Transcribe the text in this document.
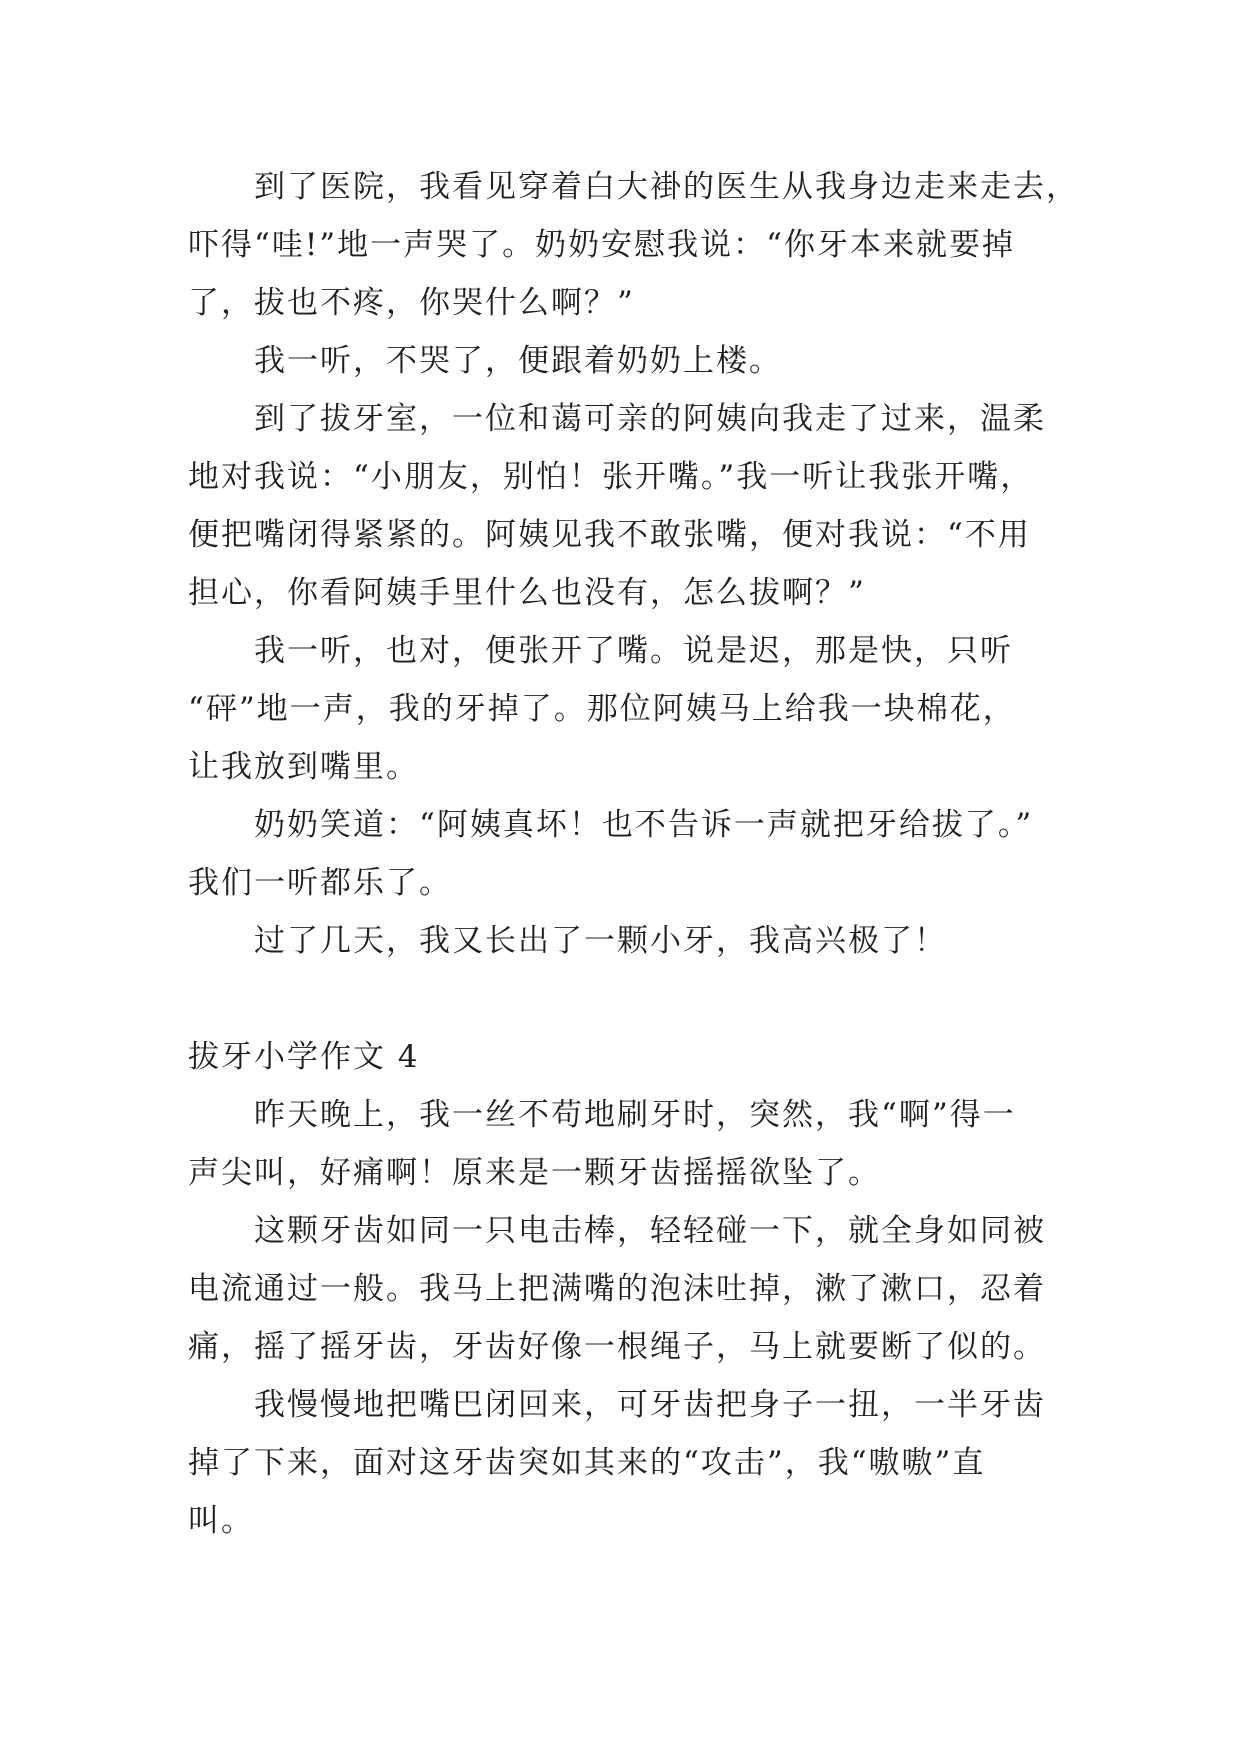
到了医院，我看见穿着白大褂的医生从我身边走来走去，
吓得“哇!”地一声哭了。奶奶安慰我说：“你牙本来就要掉
了，拔也不疼，你哭什么啊？”
我一听，不哭了，便跟着奶奶上楼。
到了拔牙室，一位和蔼可亲的阿姨向我走了过来，温柔
地对我说：“小朋友，别怕！张开嘴。”我一听让我张开嘴，
便把嘴闭得紧紧的。阿姨见我不敢张嘴，便对我说：“不用
担心，你看阿姨手里什么也没有，怎么拔啊？”
我一听，也对，便张开了嘴。说是迟，那是快，只听
“砰”地一声，我的牙掉了。那位阿姨马上给我一块棉花，
让我放到嘴里。
奶奶笑道：“阿姨真坏！也不告诉一声就把牙给拔了。”
我们一听都乐了。
过了几天，我又长出了一颗小牙，我高兴极了！
拔牙小学作文 4
昨天晚上，我一丝不苟地刷牙时，突然，我“啊”得一
声尖叫，好痛啊！原来是一颗牙齿摇摇欲坠了。
这颗牙齿如同一只电击棒，轻轻碰一下，就全身如同被
电流通过一般。我马上把满嘴的泡沫吐掉，漱了漱口，忍着
痛，摇了摇牙齿，牙齿好像一根绳子，马上就要断了似的。
我慢慢地把嘴巴闭回来，可牙齿把身子一扭，一半牙齿
掉了下来，面对这牙齿突如其来的“攻击”，我“嗷嗷”直
叫。
